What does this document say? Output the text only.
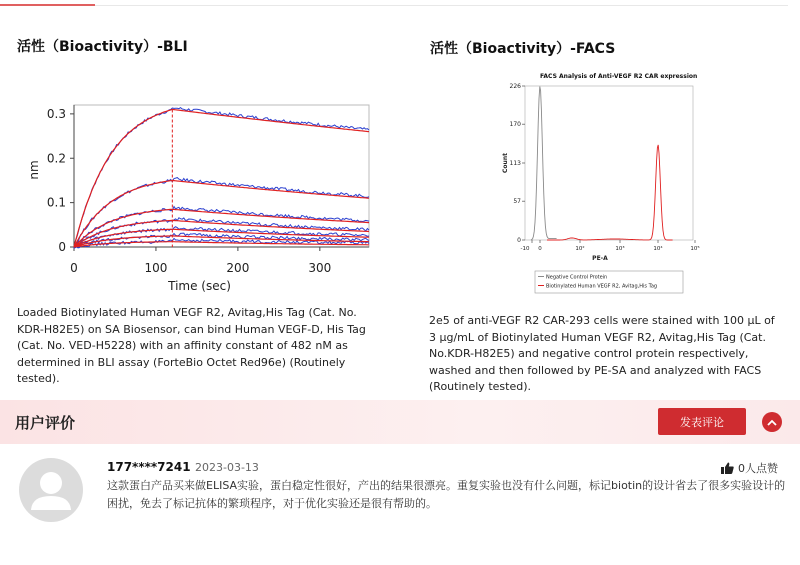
活性（Bioactivity）-BLI
0
0.1
0.2
0.3
0	100	200	300
Time (sec)
nm
Loaded Biotinylated Human VEGF R2, Avitag,His Tag (Cat. No. KDR-H82E5) on SA Biosensor, can bind Human VEGF-D, His Tag (Cat. No. VED-H5228) with an affinity constant of 482 nM as determined in BLI assay (ForteBio Octet Red96e) (Routinely tested).
活性（Bioactivity）-FACS
FACS Analysis of Anti-VEGF R2 CAR expression
0
57
113
170
226
-10 0	10²	10³	10⁴	10⁵
PE-A
Count
Negative Control Protein
Biotinylated Human VEGF R2, Avitag,His Tag
2e5 of anti-VEGF R2 CAR-293 cells were stained with 100 µL of 3 µg/mL of Biotinylated Human VEGF R2, Avitag,His Tag (Cat. No.KDR-H82E5) and negative control protein respectively, washed and then followed by PE-SA and analyzed with FACS (Routinely tested).
用户评价	发表评论
177****7241 2023-03-13	0人点赞
这款蛋白产品买来做ELISA实验，蛋白稳定性很好，产出的结果很漂亮。重复实验也没有什么问题，标记biotin的设计省去了很多实验设计的困扰，免去了标记抗体的繁琐程序，对于优化实验还是很有帮助的。
